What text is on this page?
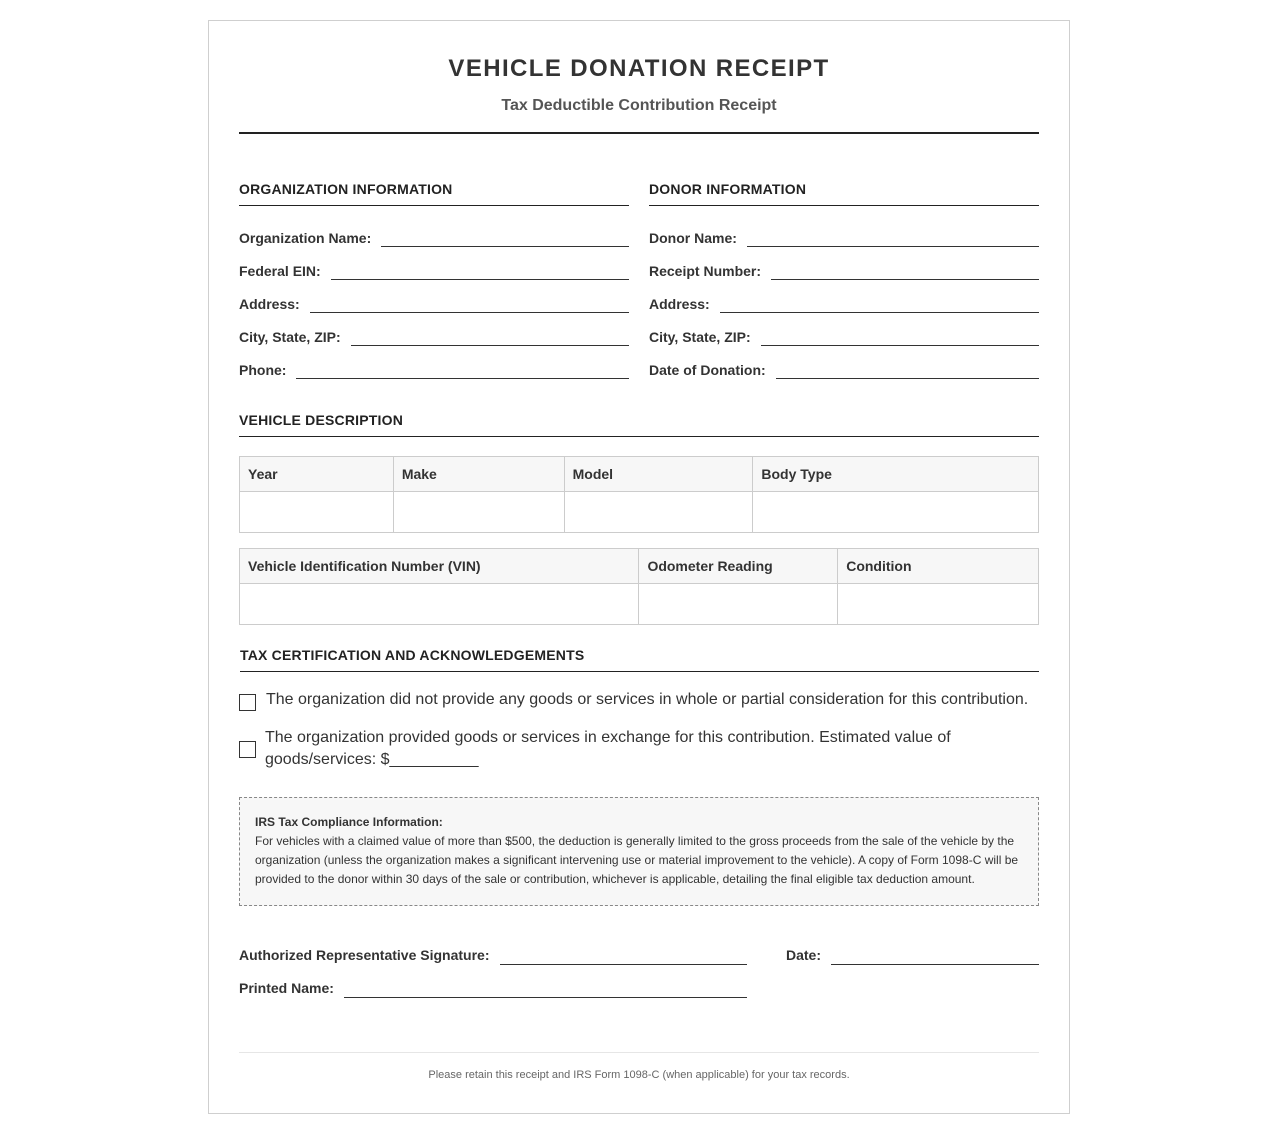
VEHICLE DONATION RECEIPT
Tax Deductible Contribution Receipt
ORGANIZATION INFORMATION
Organization Name:
Federal EIN:
Address:
City, State, ZIP:
Phone:
DONOR INFORMATION
Donor Name:
Receipt Number:
Address:
City, State, ZIP:
Date of Donation:
VEHICLE DESCRIPTION
Year	Make	Model	Body Type

Vehicle Identification Number (VIN)	Odometer Reading	Condition

TAX CERTIFICATION AND ACKNOWLEDGEMENTS
The organization did not provide any goods or services in whole or partial consideration for this contribution.
The organization provided goods or services in exchange for this contribution. Estimated value of goods/services: $__________
IRS Tax Compliance Information:
For vehicles with a claimed value of more than $500, the deduction is generally limited to the gross proceeds from the sale of the vehicle by the organization (unless the organization makes a significant intervening use or material improvement to the vehicle). A copy of Form 1098-C will be provided to the donor within 30 days of the sale or contribution, whichever is applicable, detailing the final eligible tax deduction amount.
Authorized Representative Signature:	Date:
Printed Name:
Please retain this receipt and IRS Form 1098-C (when applicable) for your tax records.
